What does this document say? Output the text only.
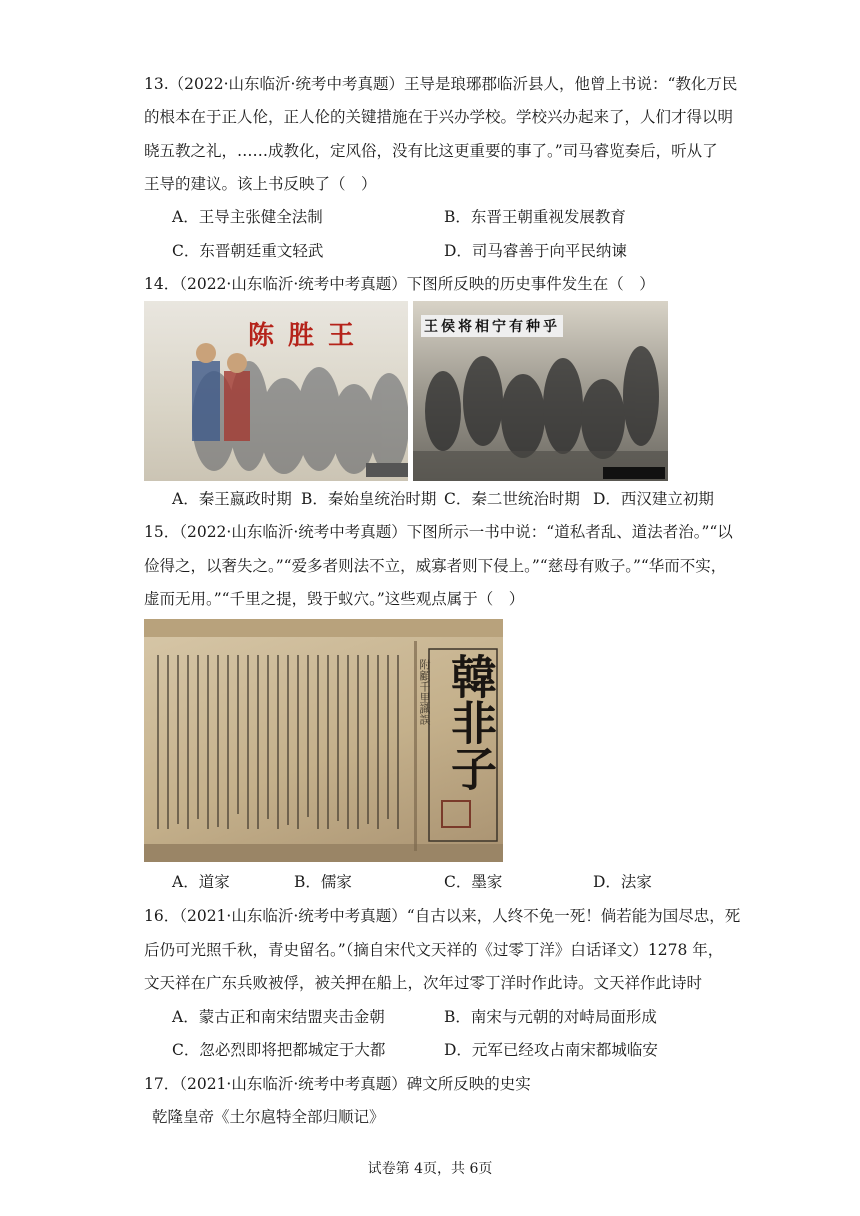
13.（2022·山东临沂·统考中考真题）王导是琅琊郡临沂县人，他曾上书说：“教化万民
的根本在于正人伦，正人伦的关键措施在于兴办学校。学校兴办起来了，人们才得以明
晓五教之礼，……成教化，定风俗，没有比这更重要的事了。”司马睿览奏后，听从了
王导的建议。该上书反映了（　）
A．王导主张健全法制	B．东晋王朝重视发展教育
C．东晋朝廷重文轻武	D．司马睿善于向平民纳谏
14．（2022·山东临沂·统考中考真题）下图所反映的历史事件发生在（　）
陈胜王	王侯将相宁有种乎
A．秦王嬴政时期 B．秦始皇统治时期 C．秦二世统治时期 D．西汉建立初期
15．（2022·山东临沂·统考中考真题）下图所示一书中说：“道私者乱、道法者治。”“以
俭得之，以奢失之。”“爱多者则法不立，威寡者则下侵上。”“慈母有败子。”“华而不实，
虚而无用。”“千里之提，毁于蚁穴。”这些观点属于（　）
附顧千里識誤 韓非子
A．道家	B．儒家	C．墨家	D．法家
16．（2021·山东临沂·统考中考真题）“自古以来，人终不免一死！倘若能为国尽忠，死
后仍可光照千秋，青史留名。”（摘自宋代文天祥的《过零丁洋》白话译文）1278 年，
文天祥在广东兵败被俘，被关押在船上，次年过零丁洋时作此诗。文天祥作此诗时
A．蒙古正和南宋结盟夹击金朝	B．南宋与元朝的对峙局面形成
C．忽必烈即将把都城定于大都	D．元军已经攻占南宋都城临安
17．（2021·山东临沂·统考中考真题）碑文所反映的史实
乾隆皇帝《土尔扈特全部归顺记》
试卷第 4页，共 6页
